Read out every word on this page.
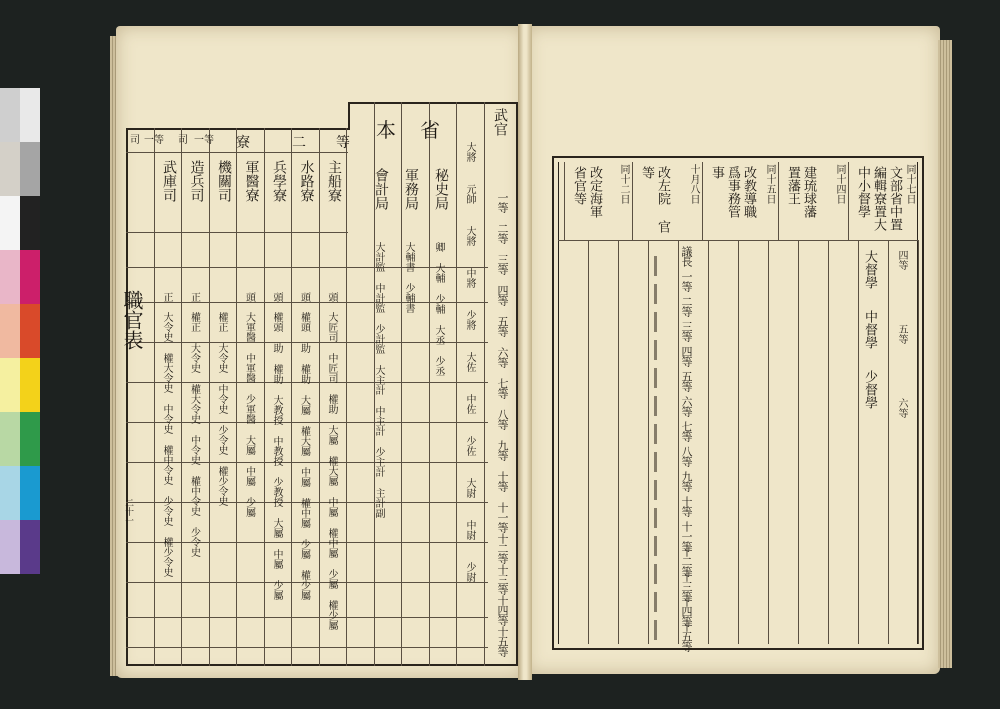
武官
一等
二等
三等
四等
五等
六等
七等
八等
九等
十等
十一等
十二等
十三等
十四等
十五等
大將
元帥
大將
中將
少將
大佐
中佐
少佐
大尉
中尉
少尉
本省
秘史局
卿 大輔 少輔 大丞 少丞
軍務局
大輔書 少輔書
會計局
大計監 中計監 少計監 大主計 中主計 少主計 主計副
二等
寮
一等
司
一等
司
主船寮
頭
大匠司 中匠司 權助 大屬 權大屬 中屬 權中屬 少屬 權少屬
水路寮
頭
權頭 助 權助 大屬 權大屬 中屬 權中屬 少屬 權少屬
兵學寮
頭
權頭 助 權助 大教授 中教授 少教授 大屬 中屬 少屬
軍醫寮
頭
大軍醫 中軍醫 少軍醫 大屬 中屬 少屬
機關司
權正 大令史 中令史 少令史 權少令史
造兵司
正
權正 大令史 權大令史 中令史 權中令史 少令史
武庫司
正
大令史 權大令史 中令史 權中令史 少令史 權少令史
職官表
二十一
同十七日
文部省中置 編輯寮置大 中小督學
同十四日
建琉球藩 置藩王
同十五日
改教導職 爲事務管 事
十月八日
改左院 官等
同十二日
改定海軍 省官等
四等
大督學
五等
中督學
六等
少督學
議長
一等
二等
三等
四等
五等
六等
七等
八等
九等
十等
十一等
十二等
十三等
十四等
十五等
